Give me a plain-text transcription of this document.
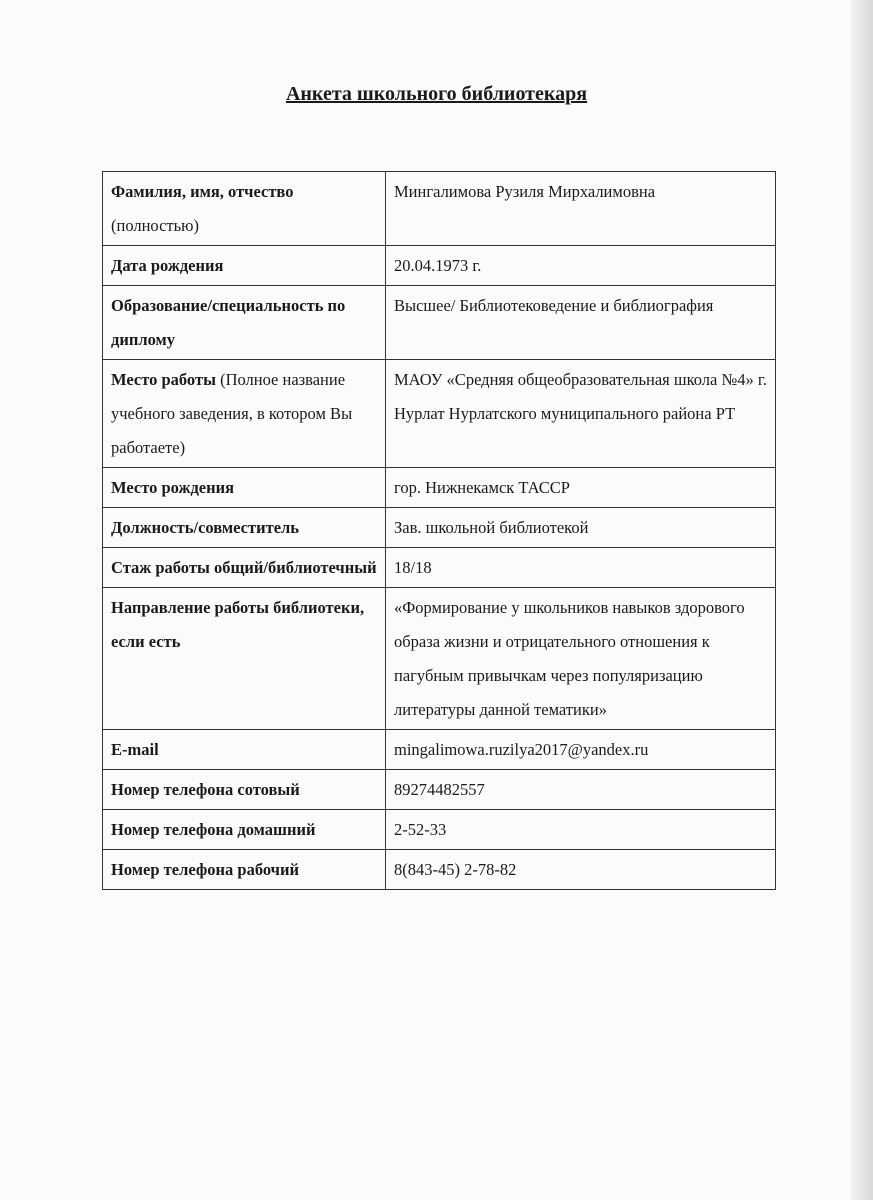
Анкета школьного библиотекаря
Фамилия, имя, отчество (полностью)	Мингалимова Рузиля Мирхалимовна
Дата рождения	20.04.1973 г.
Образование/специальность по диплому	Высшее/ Библиотековедение и библиография
Место работы (Полное название учебного заведения, в котором Вы работаете)	МАОУ «Средняя общеобразовательная школа №4» г. Нурлат Нурлатского муниципального района РТ
Место рождения	гор. Нижнекамск ТАССР
Должность/совместитель	Зав. школьной библиотекой
Стаж работы общий/библиотечный	18/18
Направление работы библиотеки, если есть	«Формирование у школьников навыков здорового образа жизни и отрицательного отношения к пагубным привычкам через популяризацию литературы данной тематики»
E-mail	mingalimowa.ruzilya2017@yandex.ru
Номер телефона сотовый	89274482557
Номер телефона домашний	2-52-33
Номер телефона рабочий	8(843-45) 2-78-82
